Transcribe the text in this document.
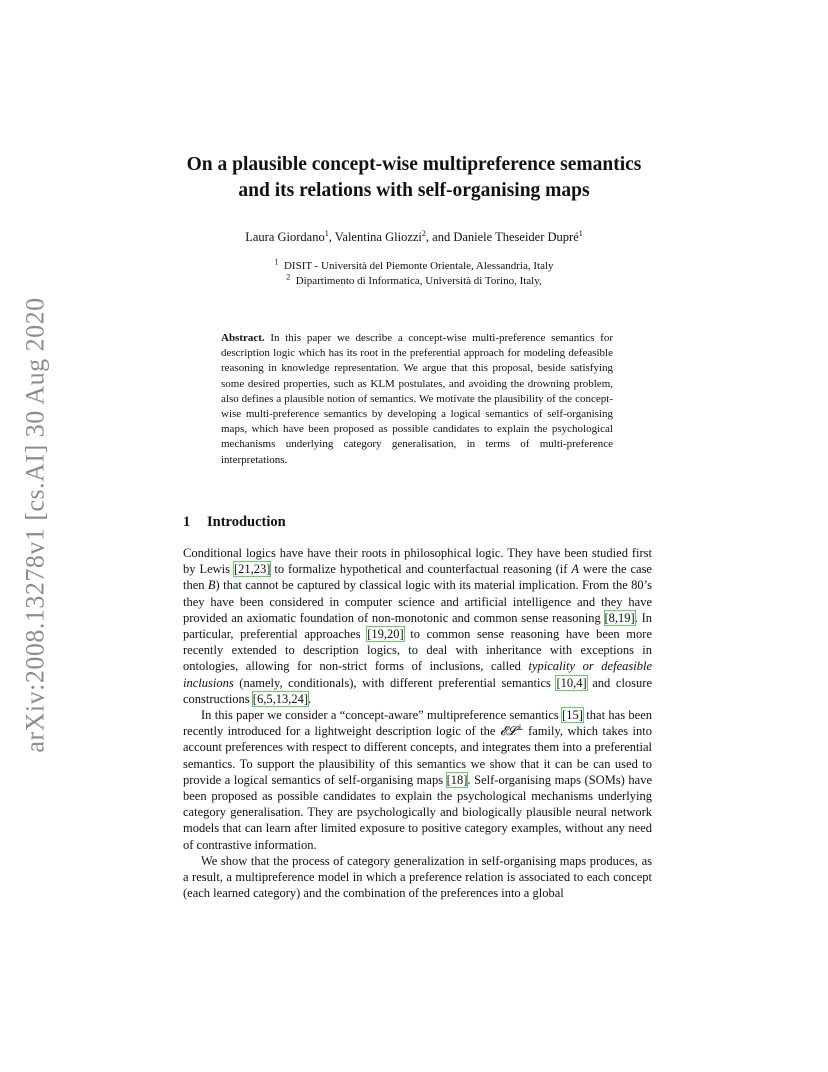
arXiv:2008.13278v1 [cs.AI] 30 Aug 2020
On a plausible concept-wise multipreference semantics
and its relations with self-organising maps
Laura Giordano$^1$, Valentina Gliozzi$^2$, and Daniele Theseider Dupré$^1$
$^1$ DISIT - Università del Piemonte Orientale, Alessandria, Italy
$^2$ Dipartimento di Informatica, Università di Torino, Italy,
Abstract. In this paper we describe a concept-wise multi-preference semantics for description logic which has its root in the preferential approach for modeling defeasible reasoning in knowledge representation. We argue that this proposal, beside satisfying some desired properties, such as KLM postulates, and avoiding the drowning problem, also defines a plausible notion of semantics. We motivate the plausibility of the concept-wise multi-preference semantics by developing a logical semantics of self-organising maps, which have been proposed as possible candidates to explain the psychological mechanisms underlying category generalisation, in terms of multi-preference interpretations.
1 Introduction

Conditional logics have have their roots in philosophical logic. They have been studied first by Lewis [21,23] to formalize hypothetical and counterfactual reasoning (if A were the case then B) that cannot be captured by classical logic with its material implication. From the 80’s they have been considered in computer science and artificial intelligence and they have provided an axiomatic foundation of non-monotonic and common sense reasoning [8,19]. In particular, preferential approaches [19,20] to common sense reasoning have been more recently extended to description logics, to deal with inheritance with exceptions in ontologies, allowing for non-strict forms of inclusions, called typicality or defeasible inclusions (namely, conditionals), with different preferential semantics [10,4] and closure constructions [6,5,13,24].

In this paper we consider a “concept-aware” multipreference semantics [15] that has been recently introduced for a lightweight description logic of the 𝓔𝓛⊥ family, which takes into account preferences with respect to different concepts, and integrates them into a preferential semantics. To support the plausibility of this semantics we show that it can be can used to provide a logical semantics of self-organising maps [18]. Self-organising maps (SOMs) have been proposed as possible candidates to explain the psychological mechanisms underlying category generalisation. They are psychologically and biologically plausible neural network models that can learn after limited exposure to positive category examples, without any need of contrastive information.

We show that the process of category generalization in self-organising maps produces, as a result, a multipreference model in which a preference relation is associated to each concept (each learned category) and the combination of the preferences into a global
